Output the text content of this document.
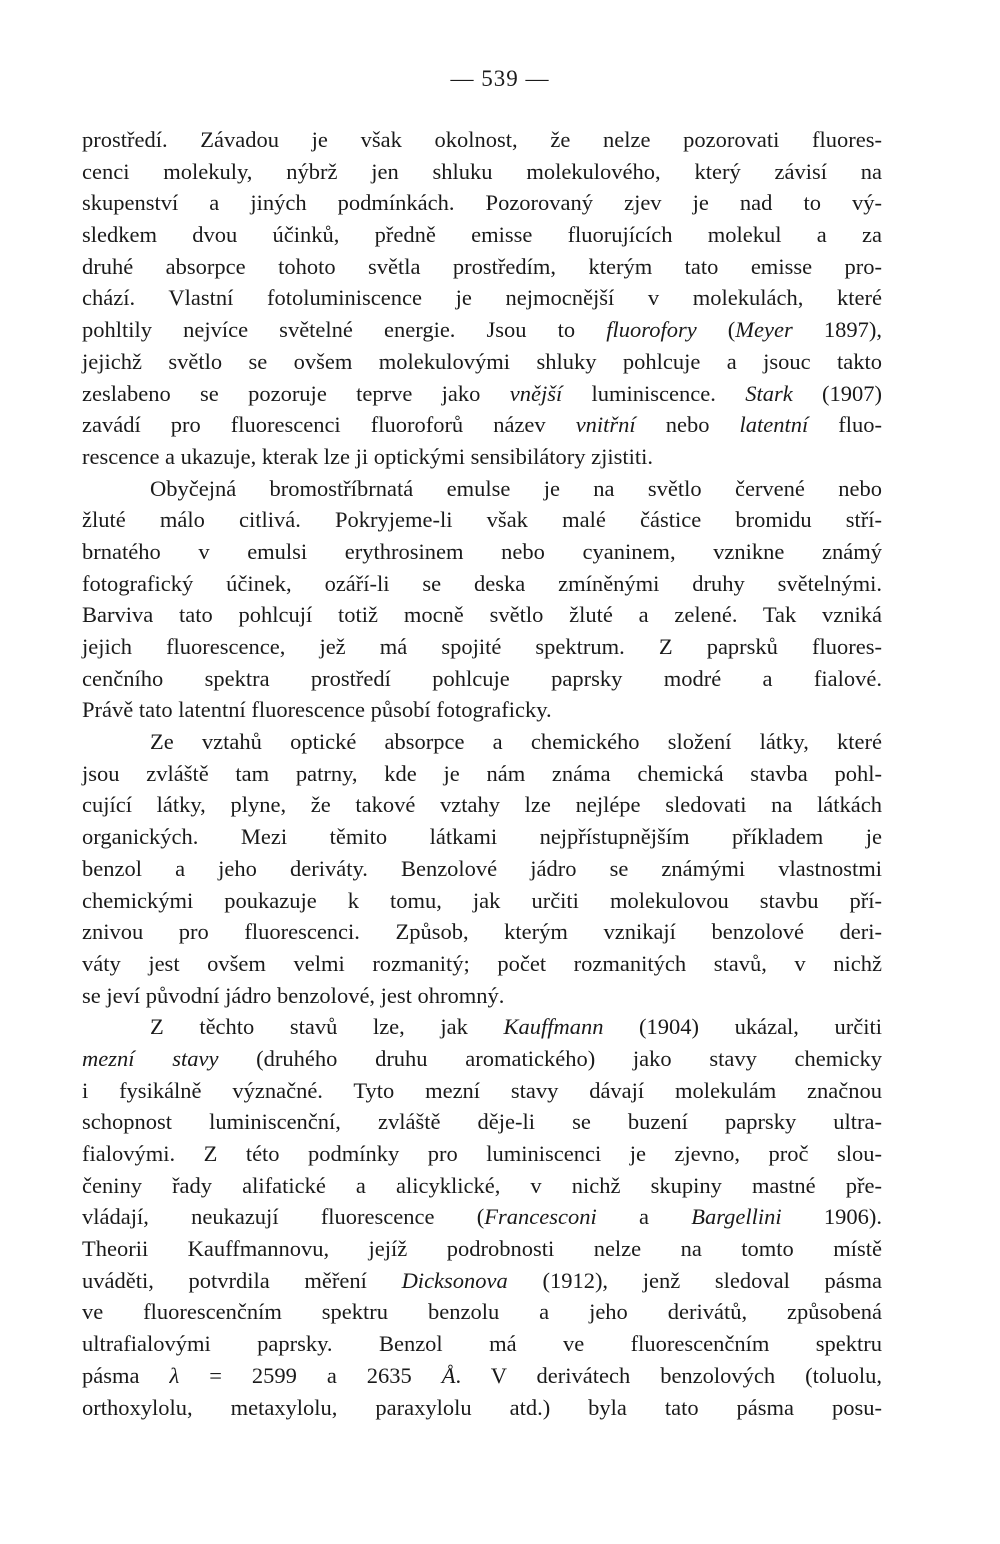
— 539 —
prostředí. Závadou je však okolnost, že nelze pozorovati fluores-
cenci molekuly, nýbrž jen shluku molekulového, který závisí na
skupenství a jiných podmínkách. Pozorovaný zjev je nad to vý-
sledkem dvou účinků, předně emisse fluorujících molekul a za
druhé absorpce tohoto světla prostředím, kterým tato emisse pro-
chází. Vlastní fotoluminiscence je nejmocnější v molekulách, které
pohltily nejvíce světelné energie. Jsou to fluorofory (Meyer 1897),
jejichž světlo se ovšem molekulovými shluky pohlcuje a jsouc takto
zeslabeno se pozoruje teprve jako vnější luminiscence. Stark (1907)
zavádí pro fluorescenci fluoroforů název vnitřní nebo latentní fluo-
rescence a ukazuje, kterak lze ji optickými sensibilátory zjistiti.
Obyčejná bromostříbrnatá emulse je na světlo červené nebo
žluté málo citlivá. Pokryjeme-li však malé částice bromidu stří-
brnatého v emulsi erythrosinem nebo cyaninem, vznikne známý
fotografický účinek, ozáří-li se deska zmíněnými druhy světelnými.
Barviva tato pohlcují totiž mocně světlo žluté a zelené. Tak vzniká
jejich fluorescence, jež má spojité spektrum. Z paprsků fluores-
cenčního spektra prostředí pohlcuje paprsky modré a fialové.
Právě tato latentní fluorescence působí fotograficky.
Ze vztahů optické absorpce a chemického složení látky, které
jsou zvláště tam patrny, kde je nám známa chemická stavba pohl-
cující látky, plyne, že takové vztahy lze nejlépe sledovati na látkách
organických. Mezi těmito látkami nejpřístupnějším příkladem je
benzol a jeho deriváty. Benzolové jádro se známými vlastnostmi
chemickými poukazuje k tomu, jak určiti molekulovou stavbu pří-
znivou pro fluorescenci. Způsob, kterým vznikají benzolové deri-
váty jest ovšem velmi rozmanitý; počet rozmanitých stavů, v nichž
se jeví původní jádro benzolové, jest ohromný.
Z těchto stavů lze, jak Kauffmann (1904) ukázal, určiti
mezní stavy (druhého druhu aromatického) jako stavy chemicky
i fysikálně význačné. Tyto mezní stavy dávají molekulám značnou
schopnost luminiscenční, zvláště děje-li se buzení paprsky ultra-
fialovými. Z této podmínky pro luminiscenci je zjevno, proč slou-
čeniny řady alifatické a alicyklické, v nichž skupiny mastné pře-
vládají, neukazují fluorescence (Francesconi a Bargellini 1906).
Theorii Kauffmannovu, jejíž podrobnosti nelze na tomto místě
uváděti, potvrdila měření Dicksonova (1912), jenž sledoval pásma
ve fluorescenčním spektru benzolu a jeho derivátů, způsobená
ultrafialovými paprsky. Benzol má ve fluorescenčním spektru
pásma λ = 2599 a 2635 Å. V derivátech benzolových (toluolu,
orthoxylolu, metaxylolu, paraxylolu atd.) byla tato pásma posu-
